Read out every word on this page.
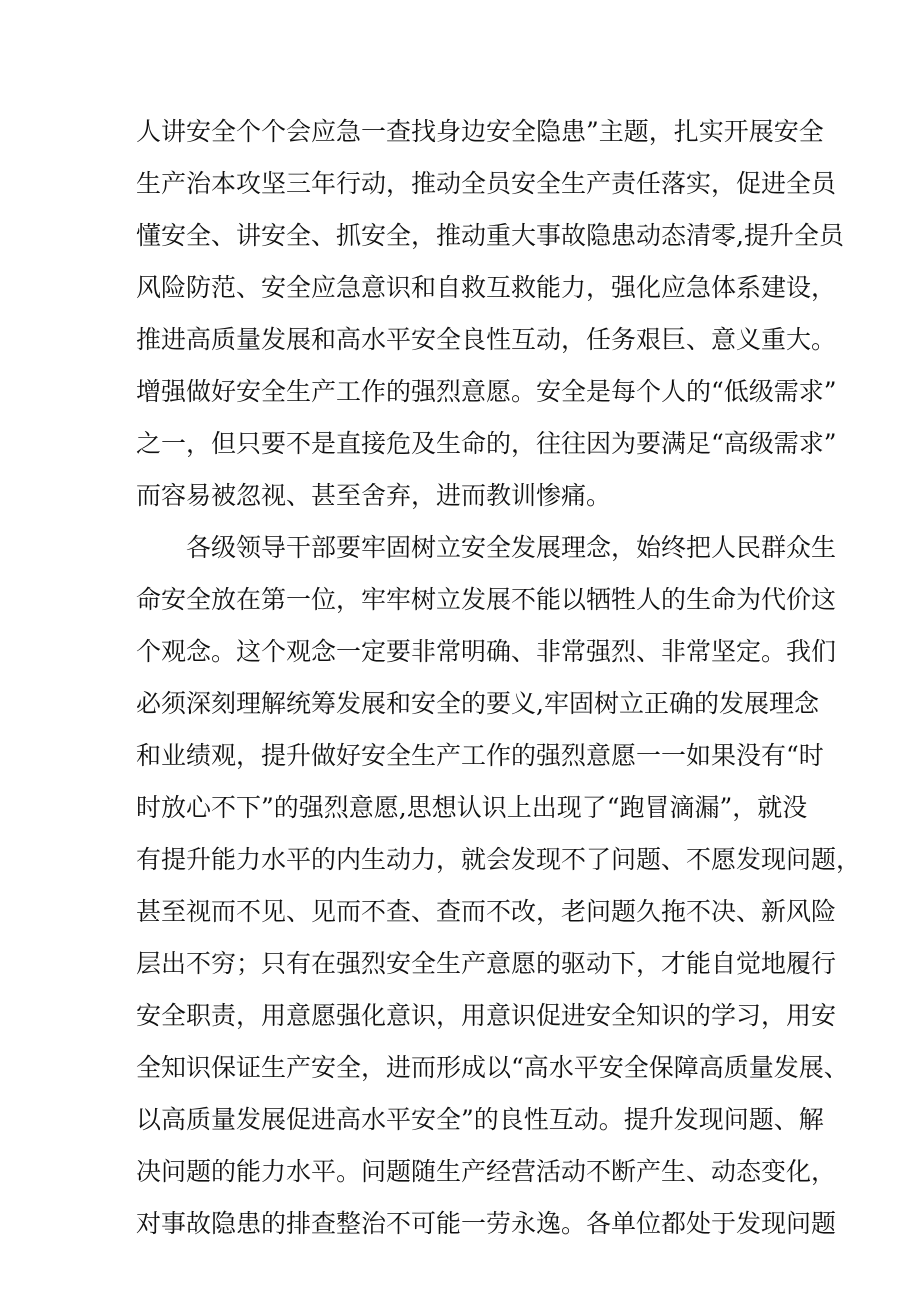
人讲安全个个会应急一查找身边安全隐患”主题，扎实开展安全
生产治本攻坚三年行动，推动全员安全生产责任落实，促进全员
懂安全、讲安全、抓安全，推动重大事故隐患动态清零,提升全员
风险防范、安全应急意识和自救互救能力，强化应急体系建设，
推进高质量发展和高水平安全良性互动，任务艰巨、意义重大。
增强做好安全生产工作的强烈意愿。安全是每个人的“低级需求”
之一，但只要不是直接危及生命的，往往因为要满足“高级需求”
而容易被忽视、甚至舍弃，进而教训惨痛。
　　各级领导干部要牢固树立安全发展理念，始终把人民群众生
命安全放在第一位，牢牢树立发展不能以牺牲人的生命为代价这
个观念。这个观念一定要非常明确、非常强烈、非常坚定。我们
必须深刻理解统筹发展和安全的要义,牢固树立正确的发展理念
和业绩观，提升做好安全生产工作的强烈意愿一一如果没有“时
时放心不下”的强烈意愿,思想认识上出现了“跑冒滴漏”，就没
有提升能力水平的内生动力，就会发现不了问题、不愿发现问题，
甚至视而不见、见而不查、查而不改，老问题久拖不决、新风险
层出不穷；只有在强烈安全生产意愿的驱动下，才能自觉地履行
安全职责，用意愿强化意识，用意识促进安全知识的学习，用安
全知识保证生产安全，进而形成以“高水平安全保障高质量发展、
以高质量发展促进高水平安全”的良性互动。提升发现问题、解
决问题的能力水平。问题随生产经营活动不断产生、动态变化，
对事故隐患的排查整治不可能一劳永逸。各单位都处于发现问题
